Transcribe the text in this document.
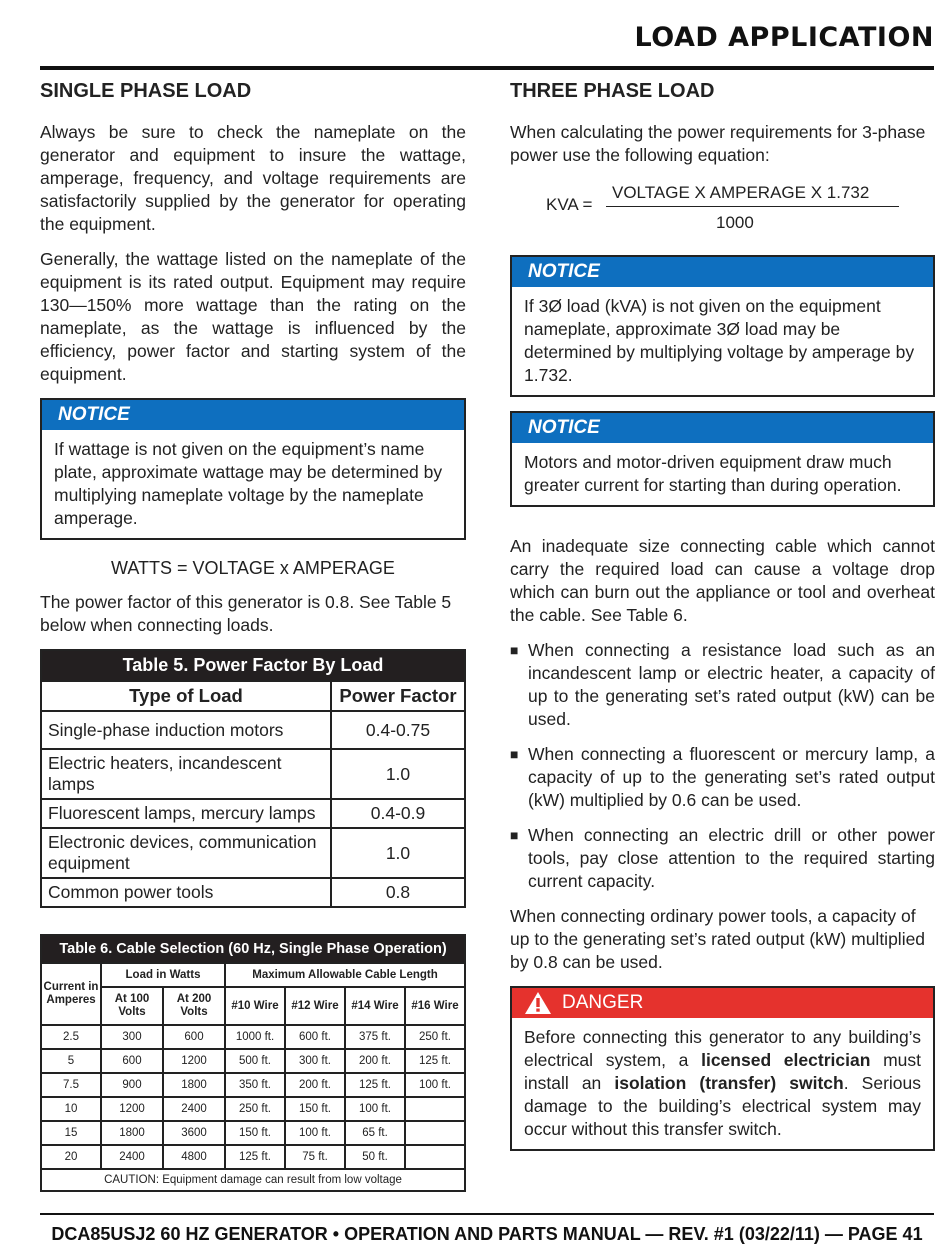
LOAD APPLICATION
SINGLE PHASE LOAD

Always be sure to check the nameplate on the generator and equipment to insure the wattage, amperage, frequency, and voltage requirements are satisfactorily supplied by the generator for operating the equipment.

Generally, the wattage listed on the nameplate of the equipment is its rated output. Equipment may require 130—150% more wattage than the rating on the nameplate, as the wattage is influenced by the efficiency, power factor and starting system of the equipment.

NOTICE
If wattage is not given on the equipment’s name plate, approximate wattage may be determined by multiplying nameplate voltage by the nameplate amperage.
WATTS = VOLTAGE x AMPERAGE

The power factor of this generator is 0.8. See Table 5 below when connecting loads.

Table 5. Power Factor By Load	
Type of Load	Power Factor
Single-phase induction motors	0.4-0.75
Electric heaters, incandescent lamps	1.0
Fluorescent lamps, mercury lamps	0.4-0.9
Electronic devices, communication equipment	1.0
Common power tools	0.8
Table 6. Cable Selection (60 Hz, Single Phase Operation)						
Current in Amperes	Load in Watts		Maximum Allowable Cable Length			
	At 100 Volts	At 200 Volts	#10 Wire	#12 Wire	#14 Wire	#16 Wire
2.5	300	600	1000 ft.	600 ft.	375 ft.	250 ft.
5	600	1200	500 ft.	300 ft.	200 ft.	125 ft.
7.5	900	1800	350 ft.	200 ft.	125 ft.	100 ft.
10	1200	2400	250 ft.	150 ft.	100 ft.	
15	1800	3600	150 ft.	100 ft.	65 ft.	
20	2400	4800	125 ft.	75 ft.	50 ft.	
CAUTION: Equipment damage can result from low voltage						
THREE PHASE LOAD

When calculating the power requirements for 3-phase power use the following equation:

KVA =
VOLTAGE X AMPERAGE X 1.732
1000
NOTICE
If 3Ø load (kVA) is not given on the equipment nameplate, approximate 3Ø load may be determined by multiplying voltage by amperage by 1.732.
NOTICE
Motors and motor-driven equipment draw much greater current for starting than during operation.

An inadequate size connecting cable which cannot carry the required load can cause a voltage drop which can burn out the appliance or tool and overheat the cable. See Table 6.

■ When connecting a resistance load such as an incandescent lamp or electric heater, a capacity of up to the generating set’s rated output (kW) can be used.
■ When connecting a fluorescent or mercury lamp, a capacity of up to the generating set’s rated output (kW) multiplied by 0.6 can be used.
■ When connecting an electric drill or other power tools, pay close attention to the required starting current capacity.

When connecting ordinary power tools, a capacity of up to the generating set’s rated output (kW) multiplied by 0.8 can be used.

DANGER
Before connecting this generator to any building’s electrical system, a licensed electrician must install an isolation (transfer) switch. Serious damage to the building’s electrical system may occur without this transfer switch.
DCA85USJ2 60 HZ GENERATOR • OPERATION AND PARTS MANUAL — REV. #1 (03/22/11) — PAGE 41
